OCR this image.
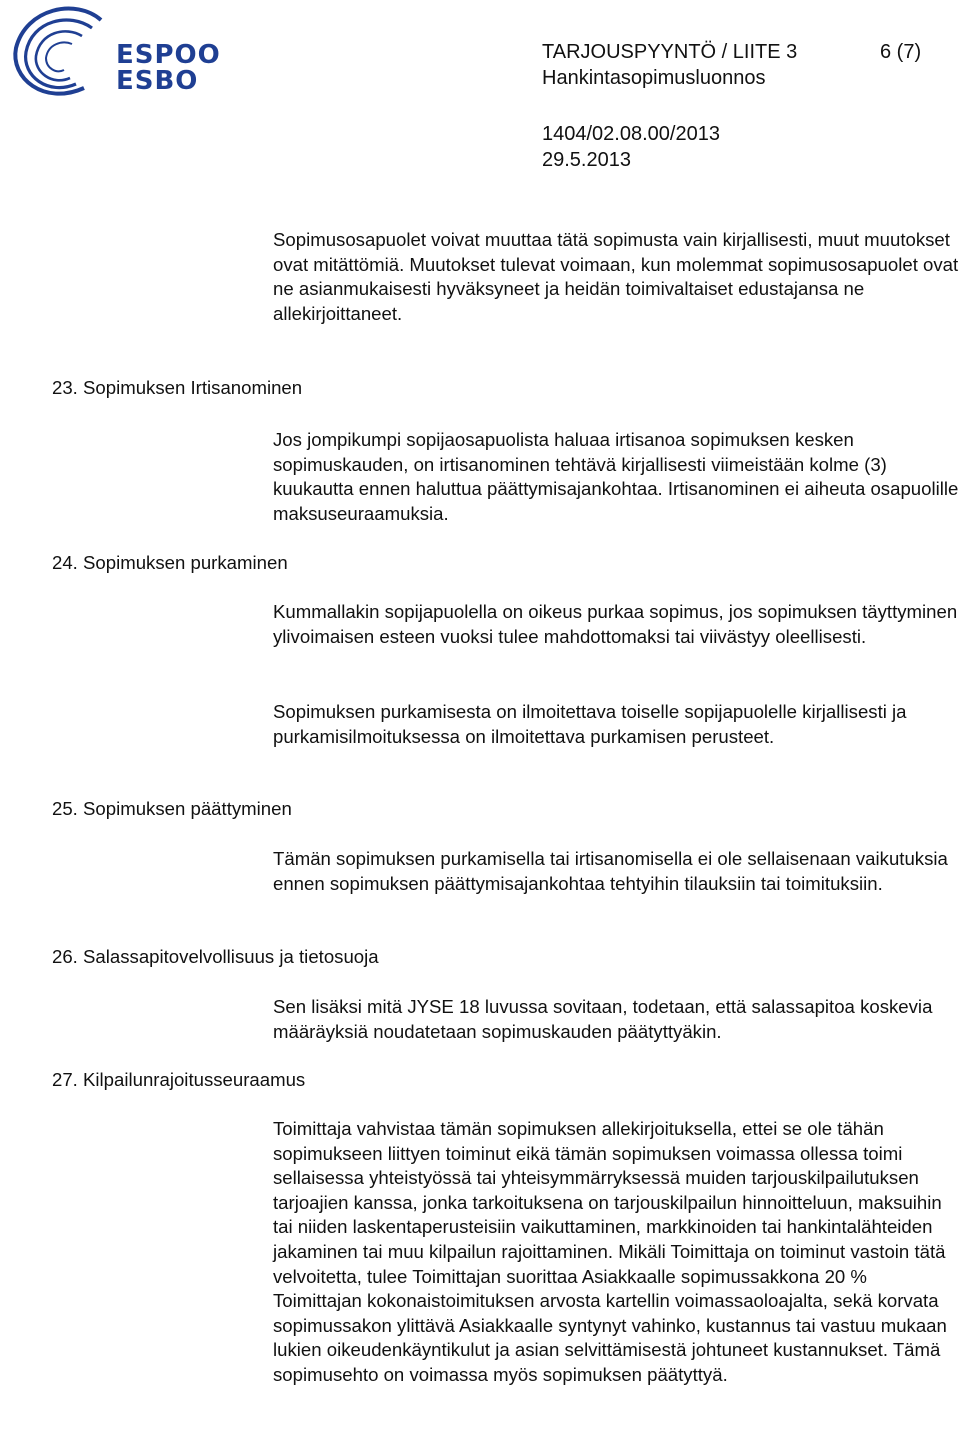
ESPOO
ESBO
TARJOUSPYYNTÖ / LIITE 3	6 (7)
Hankintasopimusluonnos
1404/02.08.00/2013
29.5.2013

Sopimusosapuolet voivat muuttaa tätä sopimusta vain kirjallisesti, muut muutokset ovat mitättömiä. Muutokset tulevat voimaan, kun molemmat sopimusosapuolet ovat ne asianmukaisesti hyväksyneet ja heidän toimivaltaiset edustajansa ne allekirjoittaneet.

23. Sopimuksen Irtisanominen

Jos jompikumpi sopijaosapuolista haluaa irtisanoa sopimuksen kesken sopimuskauden, on irtisanominen tehtävä kirjallisesti viimeistään kolme (3) kuukautta ennen haluttua päättymisajankohtaa. Irtisanominen ei aiheuta osapuolille maksuseuraamuksia.

24. Sopimuksen purkaminen

Kummallakin sopijapuolella on oikeus purkaa sopimus, jos sopimuksen täyttyminen ylivoimaisen esteen vuoksi tulee mahdottomaksi tai viivästyy oleellisesti.

Sopimuksen purkamisesta on ilmoitettava toiselle sopijapuolelle kirjallisesti ja purkamisilmoituksessa on ilmoitettava purkamisen perusteet.

25. Sopimuksen päättyminen

Tämän sopimuksen purkamisella tai irtisanomisella ei ole sellaisenaan vaikutuksia ennen sopimuksen päättymisajankohtaa tehtyihin tilauksiin tai toimituksiin.

26. Salassapitovelvollisuus ja tietosuoja

Sen lisäksi mitä JYSE 18 luvussa sovitaan, todetaan, että salassapitoa koskevia määräyksiä noudatetaan sopimuskauden päätyttyäkin.

27. Kilpailunrajoitusseuraamus

Toimittaja vahvistaa tämän sopimuksen allekirjoituksella, ettei se ole tähän sopimukseen liittyen toiminut eikä tämän sopimuksen voimassa ollessa toimi sellaisessa yhteistyössä tai yhteisymmärryksessä muiden tarjouskilpailutuksen tarjoajien kanssa, jonka tarkoituksena on tarjouskilpailun hinnoitteluun, maksuihin tai niiden laskentaperusteisiin vaikuttaminen, markkinoiden tai hankintalähteiden jakaminen tai muu kilpailun rajoittaminen. Mikäli Toimittaja on toiminut vastoin tätä velvoitetta, tulee Toimittajan suorittaa Asiakkaalle sopimussakkona 20 % Toimittajan kokonaistoimituksen arvosta kartellin voimassaoloajalta, sekä korvata sopimussakon ylittävä Asiakkaalle syntynyt vahinko, kustannus tai vastuu mukaan lukien oikeudenkäyntikulut ja asian selvittämisestä johtuneet kustannukset. Tämä sopimusehto on voimassa myös sopimuksen päätyttyä.
